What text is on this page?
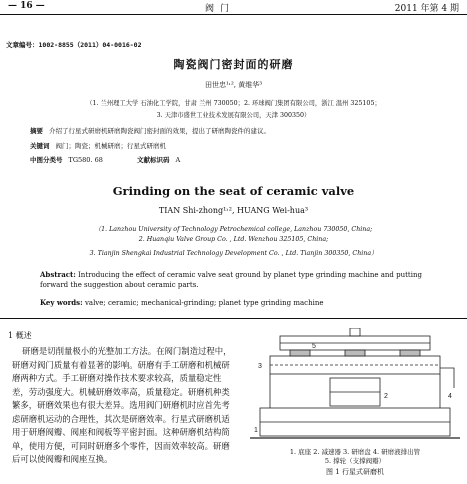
— 16 —	阀门	2011 年第 4 期
文章编号：1002-8855（2011）04-0016-02
陶瓷阀门密封面的研磨
田世忠¹˒², 黄维华³
（1. 兰州理工大学 石油化工学院，甘肃 兰州 730050；2. 环球阀门集团有限公司，浙江 温州 325105；
3. 天津市盛世工业技术发展有限公司，天津 300350）
摘要 介绍了行星式研磨机研磨陶瓷阀门密封面的效果，提出了研磨陶瓷件的建议。
关键词 阀门；陶瓷；机械研磨；行星式研磨机
中图分类号 TG580. 68	文献标识码 A
Grinding on the seat of ceramic valve
TIAN Shi-zhong¹˒², HUANG Wei-hua³
（1. Lanzhou University of Technology Petrochemical college, Lanzhou 730050, China;
2. Huanqiu Valve Group Co. , Ltd. Wenzhou 325105, China;
3. Tianjin Shengkai Industrial Technology Development Co. , Ltd. Tianjin 300350, China）
Abstract: Introducing the effect of ceramic valve seat ground by planet type grinding machine and putting forward the suggestion about ceramic parts.
Key words: valve; ceramic; mechanical-grinding; planet type grinding machine
1 概述
研磨是切削量极小的光整加工方法。在阀门制造过程中，研磨对阀门质量有着显著的影响。研磨有手工研磨和机械研磨两种方式。手工研磨对操作技术要求较高，质量稳定性差，劳动强度大。机械研磨效率高，质量稳定。研磨机种类繁多，研磨效果也有很大差异。选用阀门研磨机时应首先考虑研磨机运动的合理性，其次是研磨效率。行星式研磨机适用于研磨阀瓣、阀座和阀板等平密封面。这种研磨机结构简单，使用方便，可同时研磨多个零件，因而效率较高。研磨后可以使阀瓣和阀座互换。
1
2
3
4
5
1. 底座 2. 减速器 3. 研磨盘 4. 研磨液排出管
5. 撑轮（支撑阀瓣）
图 1 行星式研磨机
